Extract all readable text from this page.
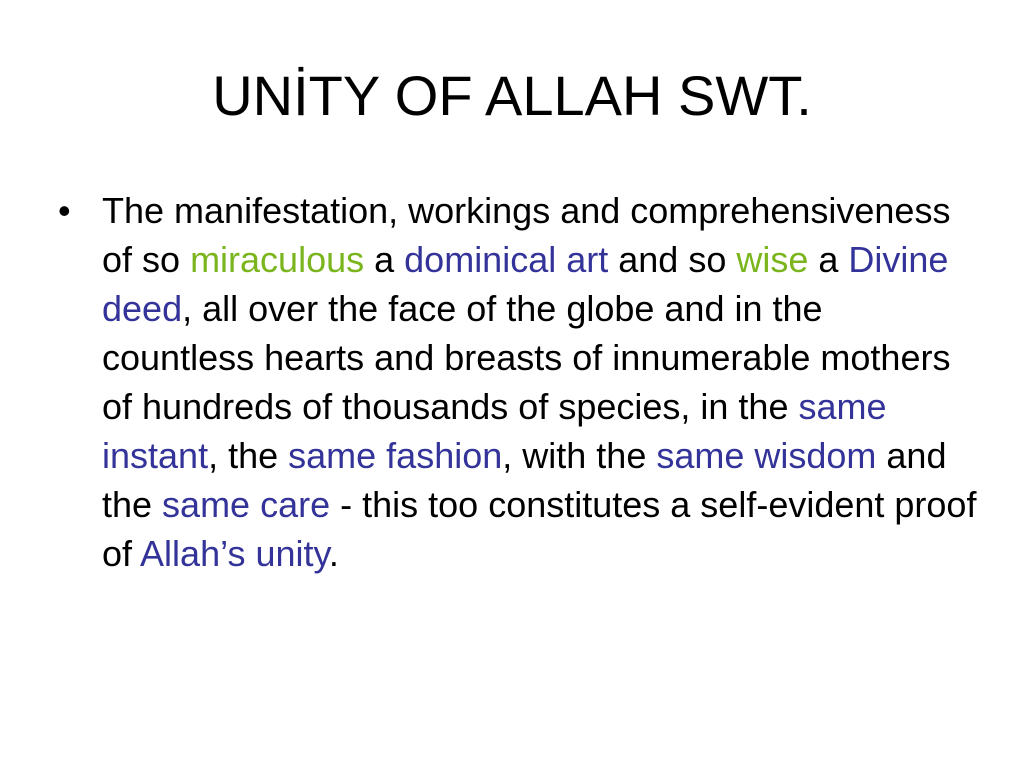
UNİTY OF ALLAH SWT.
• The manifestation, workings and comprehensiveness of so miraculous a dominical art and so wise a Divine deed, all over the face of the globe and in the countless hearts and breasts of innumerable mothers of hundreds of thousands of species, in the same instant, the same fashion, with the same wisdom and the same care - this too constitutes a self-evident proof of Allah’s unity.
